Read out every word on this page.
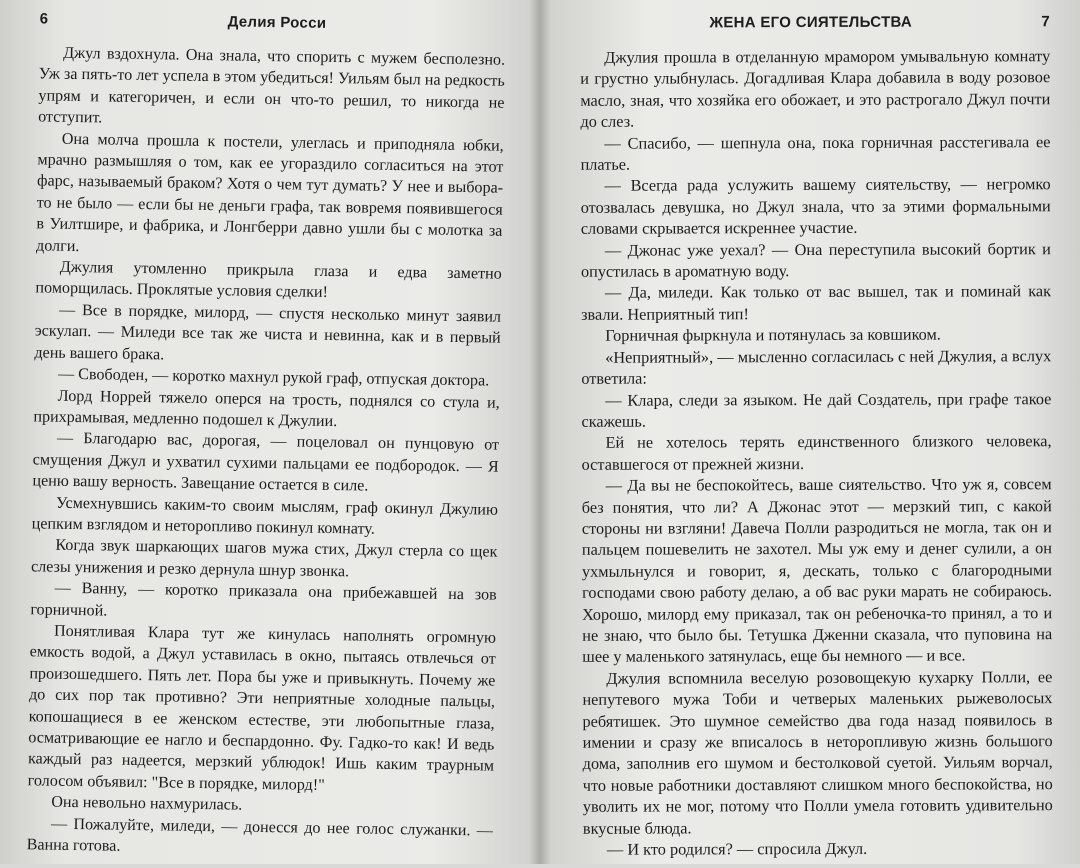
6	Делия Росси

Джул вздохнула. Она знала, что спорить с мужем бесполезно. Уж за пять-то лет успела в этом убедиться! Уильям был на редкость упрям и категоричен, и если он что-то решил, то никогда не отступит.

Она молча прошла к постели, улеглась и приподняла юбки, мрачно размышляя о том, как ее угораздило согласиться на этот фарс, называемый браком? Хотя о чем тут думать? У нее и выбора-то не было — если бы не деньги графа, так вовремя появившегося в Уилтшире, и фабрика, и Лонгберри давно ушли бы с молотка за долги.

Джулия утомленно прикрыла глаза и едва заметно поморщилась. Проклятые условия сделки!

— Все в порядке, милорд, — спустя несколько минут заявил эскулап. — Миледи все так же чиста и невинна, как и в первый день вашего брака.

— Свободен, — коротко махнул рукой граф, отпуская доктора.

Лорд Норрей тяжело оперся на трость, поднялся со стула и, прихрамывая, медленно подошел к Джулии.

— Благодарю вас, дорогая, — поцеловал он пунцовую от смущения Джул и ухватил сухими пальцами ее подбородок. — Я ценю вашу верность. Завещание остается в силе.

Усмехнувшись каким-то своим мыслям, граф окинул Джулию цепким взглядом и неторопливо покинул комнату.

Когда звук шаркающих шагов мужа стих, Джул стерла со щек слезы унижения и резко дернула шнур звонка.

— Ванну, — коротко приказала она прибежавшей на зов горничной.

Понятливая Клара тут же кинулась наполнять огромную емкость водой, а Джул уставилась в окно, пытаясь отвлечься от произошедшего. Пять лет. Пора бы уже и привыкнуть. Почему же до сих пор так противно? Эти неприятные холодные пальцы, копошащиеся в ее женском естестве, эти любопытные глаза, осматривающие ее нагло и беспардонно. Фу. Гадко-то как! И ведь каждый раз надеется, мерзкий ублюдок! Ишь каким траурным голосом объявил: "Все в порядке, милорд!"

Она невольно нахмурилась.

— Пожалуйте, миледи, — донесся до нее голос служанки. — Ванна готова.

ЖЕНА ЕГО СИЯТЕЛЬСТВА	7

Джулия прошла в отделанную мрамором умывальную комнату и грустно улыбнулась. Догадливая Клара добавила в воду розовое масло, зная, что хозяйка его обожает, и это растрогало Джул почти до слез.

— Спасибо, — шепнула она, пока горничная расстегивала ее платье.

— Всегда рада услужить вашему сиятельству, — негромко отозвалась девушка, но Джул знала, что за этими формальными словами скрывается искреннее участие.

— Джонас уже уехал? — Она переступила высокий бортик и опустилась в ароматную воду.

— Да, миледи. Как только от вас вышел, так и поминай как звали. Неприятный тип!

Горничная фыркнула и потянулась за ковшиком.

«Неприятный», — мысленно согласилась с ней Джулия, а вслух ответила:

— Клара, следи за языком. Не дай Создатель, при графе такое скажешь.

Ей не хотелось терять единственного близкого человека, оставшегося от прежней жизни.

— Да вы не беспокойтесь, ваше сиятельство. Что уж я, совсем без понятия, что ли? А Джонас этот — мерзкий тип, с какой стороны ни взгляни! Давеча Полли разродиться не могла, так он и пальцем пошевелить не захотел. Мы уж ему и денег сулили, а он ухмыльнулся и говорит, я, дескать, только с благородными господами свою работу делаю, а об вас руки марать не собираюсь. Хорошо, милорд ему приказал, так он ребеночка-то принял, а то и не знаю, что было бы. Тетушка Дженни сказала, что пуповина на шее у маленького затянулась, еще бы немного — и все.

Джулия вспомнила веселую розовощекую кухарку Полли, ее непутевого мужа Тоби и четверых маленьких рыжеволосых ребятишек. Это шумное семейство два года назад появилось в имении и сразу же вписалось в неторопливую жизнь большого дома, заполнив его шумом и бестолковой суетой. Уильям ворчал, что новые работники доставляют слишком много беспокойства, но уволить их не мог, потому что Полли умела готовить удивительно вкусные блюда.

— И кто родился? — спросила Джул.
